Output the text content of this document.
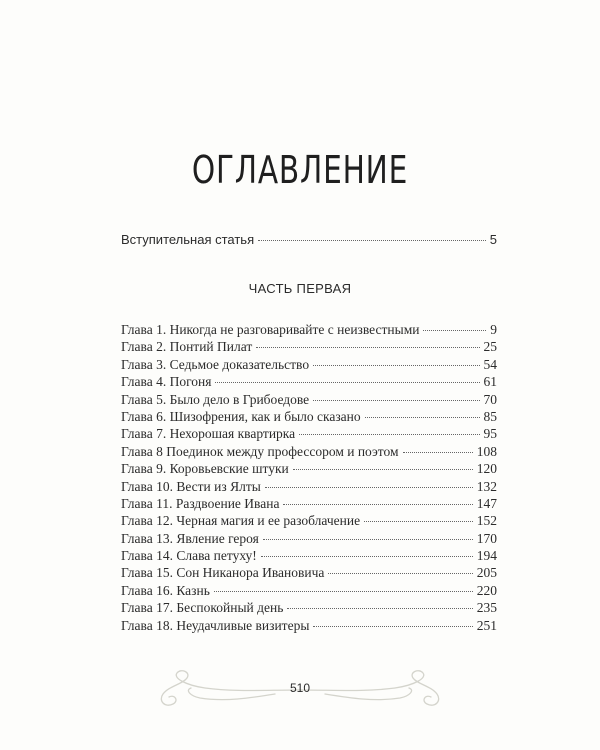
ОГЛАВЛЕНИЕ
Вступительная статья	5
ЧАСТЬ ПЕРВАЯ
Глава 1. Никогда не разговаривайте с неизвестными	9
Глава 2. Понтий Пилат	25
Глава 3. Седьмое доказательство	54
Глава 4. Погоня	61
Глава 5. Было дело в Грибоедове	70
Глава 6. Шизофрения, как и было сказано	85
Глава 7. Нехорошая квартирка	95
Глава 8 Поединок между профессором и поэтом	108
Глава 9. Коровьевские штуки	120
Глава 10. Вести из Ялты	132
Глава 11. Раздвоение Ивана	147
Глава 12. Черная магия и ее разоблачение	152
Глава 13. Явление героя	170
Глава 14. Слава петуху!	194
Глава 15. Сон Никанора Ивановича	205
Глава 16. Казнь	220
Глава 17. Беспокойный день	235
Глава 18. Неудачливые визитеры	251
510
